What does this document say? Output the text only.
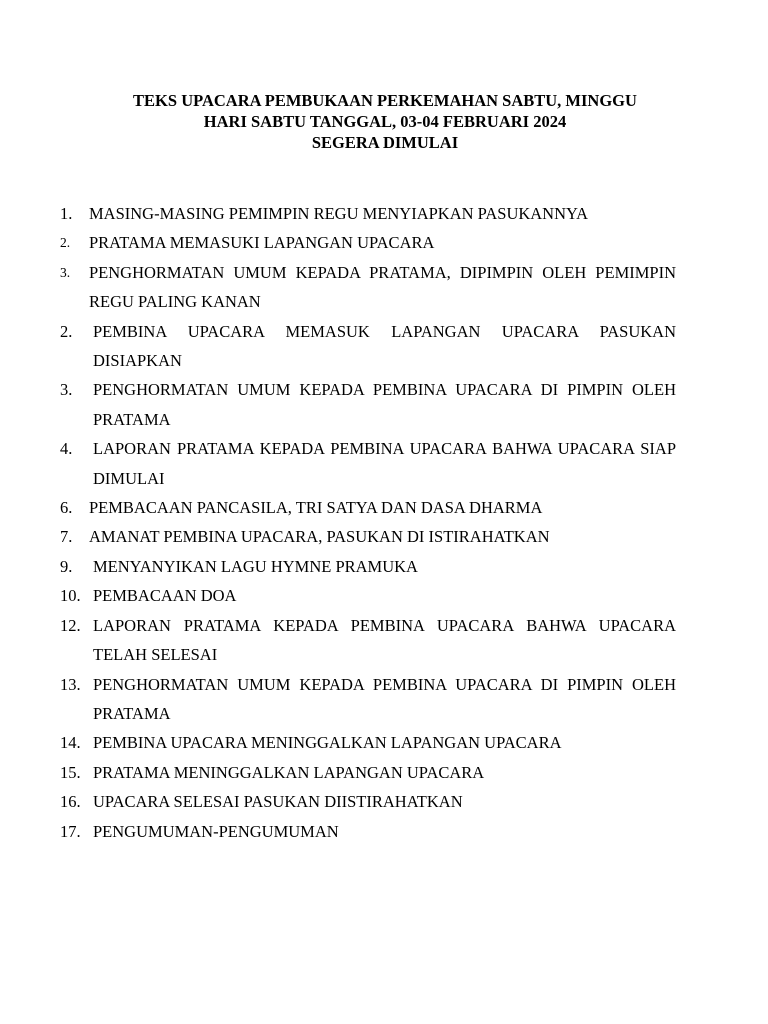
TEKS UPACARA PEMBUKAAN PERKEMAHAN SABTU, MINGGU
HARI SABTU TANGGAL, 03-04 FEBRUARI 2024
SEGERA DIMULAI
1.	MASING-MASING PEMIMPIN REGU MENYIAPKAN PASUKANNYA
2.	PRATAMA MEMASUKI LAPANGAN UPACARA
3.	PENGHORMATAN UMUM KEPADA PRATAMA, DIPIMPIN OLEH PEMIMPIN REGU PALING KANAN
2.	PEMBINA UPACARA MEMASUK LAPANGAN UPACARA PASUKAN DISIAPKAN
3.	PENGHORMATAN UMUM KEPADA PEMBINA UPACARA DI PIMPIN OLEH PRATAMA
4.	LAPORAN PRATAMA KEPADA PEMBINA UPACARA BAHWA UPACARA SIAP DIMULAI
6.	PEMBACAAN PANCASILA, TRI SATYA DAN DASA DHARMA
7.	AMANAT PEMBINA UPACARA, PASUKAN DI ISTIRAHATKAN
9.	MENYANYIKAN LAGU HYMNE PRAMUKA
10. PEMBACAAN DOA
12. LAPORAN PRATAMA KEPADA PEMBINA UPACARA BAHWA UPACARA TELAH SELESAI
13. PENGHORMATAN UMUM KEPADA PEMBINA UPACARA DI PIMPIN OLEH PRATAMA
14. PEMBINA UPACARA MENINGGALKAN LAPANGAN UPACARA
15. PRATAMA MENINGGALKAN LAPANGAN UPACARA
16. UPACARA SELESAI PASUKAN DIISTIRAHATKAN
17. PENGUMUMAN-PENGUMUMAN
